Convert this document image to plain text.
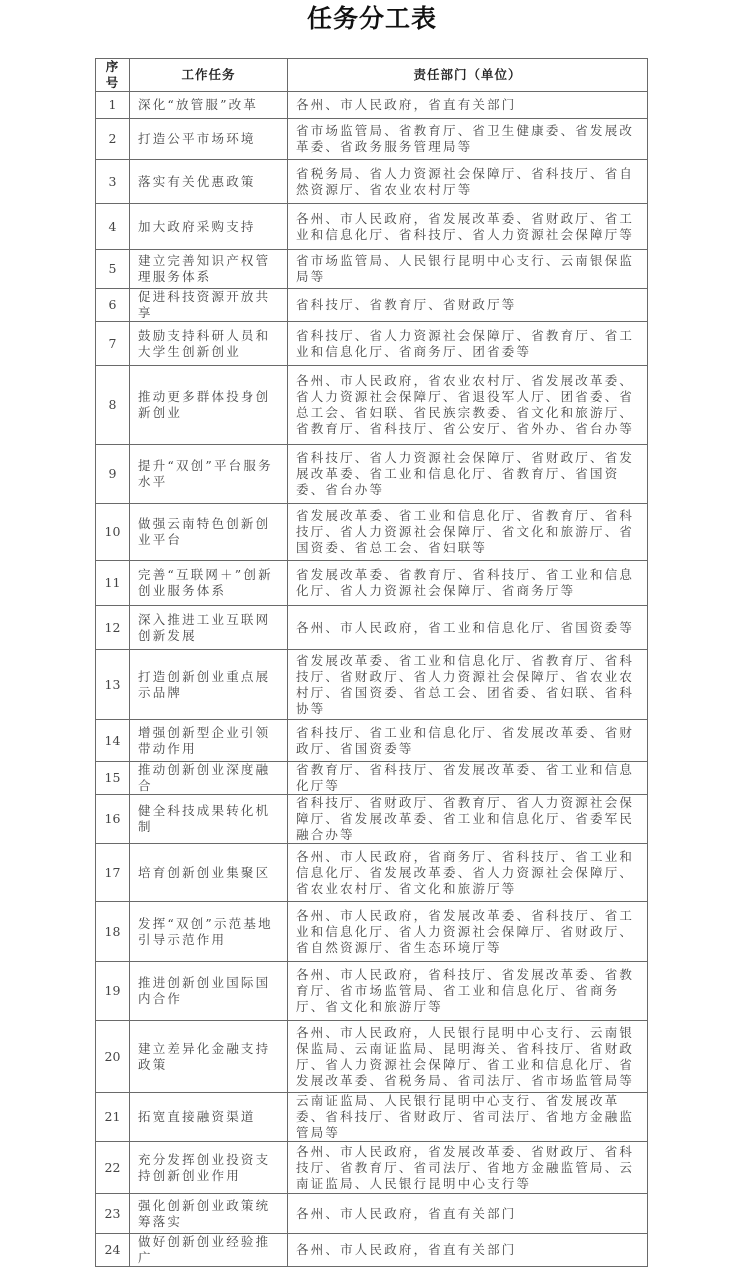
任务分工表
序号	工作任务	责任部门（单位）
1	深化“放管服”改革	各州、市人民政府，省直有关部门
2	打造公平市场环境	省市场监管局、省教育厅、省卫生健康委、省发展改革委、省政务服务管理局等
3	落实有关优惠政策	省税务局、省人力资源社会保障厅、省科技厅、省自然资源厅、省农业农村厅等
4	加大政府采购支持	各州、市人民政府，省发展改革委、省财政厅、省工业和信息化厅、省科技厅、省人力资源社会保障厅等
5	建立完善知识产权管理服务体系	省市场监管局、人民银行昆明中心支行、云南银保监局等
6	促进科技资源开放共享	省科技厅、省教育厅、省财政厅等
7	鼓励支持科研人员和大学生创新创业	省科技厅、省人力资源社会保障厅、省教育厅、省工业和信息化厅、省商务厅、团省委等
8	推动更多群体投身创新创业	各州、市人民政府，省农业农村厅、省发展改革委、省人力资源社会保障厅、省退役军人厅、团省委、省总工会、省妇联、省民族宗教委、省文化和旅游厅、省教育厅、省科技厅、省公安厅、省外办、省台办等
9	提升“双创”平台服务水平	省科技厅、省人力资源社会保障厅、省财政厅、省发展改革委、省工业和信息化厅、省教育厅、省国资委、省台办等
10	做强云南特色创新创业平台	省发展改革委、省工业和信息化厅、省教育厅、省科技厅、省人力资源社会保障厅、省文化和旅游厅、省国资委、省总工会、省妇联等
11	完善“互联网＋”创新创业服务体系	省发展改革委、省教育厅、省科技厅、省工业和信息化厅、省人力资源社会保障厅、省商务厅等
12	深入推进工业互联网创新发展	各州、市人民政府，省工业和信息化厅、省国资委等
13	打造创新创业重点展示品牌	省发展改革委、省工业和信息化厅、省教育厅、省科技厅、省财政厅、省人力资源社会保障厅、省农业农村厅、省国资委、省总工会、团省委、省妇联、省科协等
14	增强创新型企业引领带动作用	省科技厅、省工业和信息化厅、省发展改革委、省财政厅、省国资委等
15	推动创新创业深度融合	省教育厅、省科技厅、省发展改革委、省工业和信息化厅等
16	健全科技成果转化机制	省科技厅、省财政厅、省教育厅、省人力资源社会保障厅、省发展改革委、省工业和信息化厅、省委军民融合办等
17	培育创新创业集聚区	各州、市人民政府，省商务厅、省科技厅、省工业和信息化厅、省发展改革委、省人力资源社会保障厅、省农业农村厅、省文化和旅游厅等
18	发挥“双创”示范基地引导示范作用	各州、市人民政府，省发展改革委、省科技厅、省工业和信息化厅、省人力资源社会保障厅、省财政厅、省自然资源厅、省生态环境厅等
19	推进创新创业国际国内合作	各州、市人民政府，省科技厅、省发展改革委、省教育厅、省市场监管局、省工业和信息化厅、省商务厅、省文化和旅游厅等
20	建立差异化金融支持政策	各州、市人民政府，人民银行昆明中心支行、云南银保监局、云南证监局、昆明海关、省科技厅、省财政厅、省人力资源社会保障厅、省工业和信息化厅、省发展改革委、省税务局、省司法厅、省市场监管局等
21	拓宽直接融资渠道	云南证监局、人民银行昆明中心支行、省发展改革委、省科技厅、省财政厅、省司法厅、省地方金融监管局等
22	充分发挥创业投资支持创新创业作用	各州、市人民政府，省发展改革委、省财政厅、省科技厅、省教育厅、省司法厅、省地方金融监管局、云南证监局、人民银行昆明中心支行等
23	强化创新创业政策统筹落实	各州、市人民政府，省直有关部门
24	做好创新创业经验推广	各州、市人民政府，省直有关部门
